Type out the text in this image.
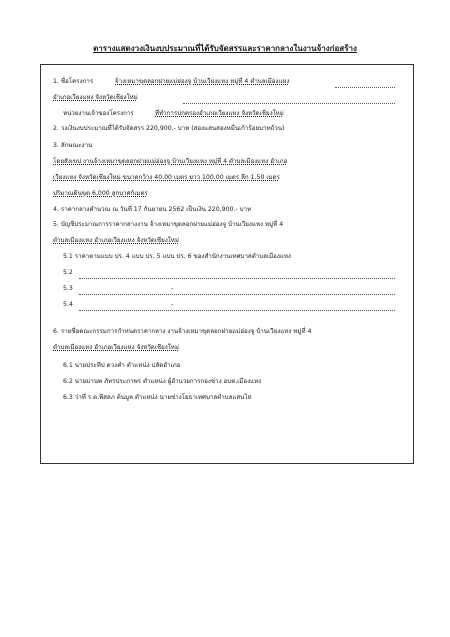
ตารางแสดงวงเงินงบประมาณที่ได้รับจัดสรรและราคากลางในงานจ้างก่อสร้าง
1. ชื่อโครงการ	จ้างเหมาขุดลอกฝายแม่ฮ่องจู บ้านเวียงแหง หมู่ที่ 4 ตำบลเมืองแหง
อำเภอเวียงแหง จังหวัดเชียงใหม่
หน่วยงานเจ้าของโครงการ	ที่ทำการปกครองอำเภอเวียงแหง จังหวัดเชียงใหม่
2. วงเงินงบประมาณที่ได้รับจัดสรร 220,900.- บาท (สองแสนสองหมื่นเก้าร้อยบาทถ้วน)
3. ลักษณะงาน
โดยสังเขป งานจ้างเหมาขุดลอกฝายแม่ฮ่องจู บ้านเวียงแหง หมู่ที่ 4 ตำบลเมืองแหง อำเภอ
เวียงแหง จังหวัดเชียงใหม่ ขนาดกว้าง 40.00 เมตร ยาว 100.00 เมตร ลึก 1.50 เมตร
ปริมาณดินขุด 6,000 ลูกบาศก์เมตร
4. ราคากลางคำนวณ ณ วันที่ 17 กันยายน 2562 เป็นเงิน 220,900.- บาท
5. บัญชีประมาณการราคากลางงาน จ้างเหมาขุดลอกฝายแม่ฮ่องจู บ้านเวียงแหง หมู่ที่ 4
ตำบลเมืองแหง อำเภอเวียงแหง จังหวัดเชียงใหม่
5.1 ราคาตามแบบ ปร. 4 แบบ ปร. 5 แบบ ปร. 6 ของสำนักงานเทศบาลตำบลเมืองแหง
5.2
5.3	-
5.4	-
6. รายชื่อคณะกรรมการกำหนดราคากลาง งานจ้างเหมาขุดลอกฝายแม่ฮ่องจู บ้านเวียงแหง หมู่ที่ 4
ตำบลเมืองแหง อำเภอเวียงแหง จังหวัดเชียงใหม่
6.1 นายประทีป ดวงคำ ตำแหน่ง ปลัดอำเภอ
6.2 นายมานพ ภัทรประภาพร ตำแหน่ง ผู้อำนวยการกองช่าง อบต.เมืองแหง
6.3 ว่าที่ ร.ต.พีสลภ ต้นมูล ตำแหน่ง นายช่างโยธาเทศบาลตำบลแสนไห
